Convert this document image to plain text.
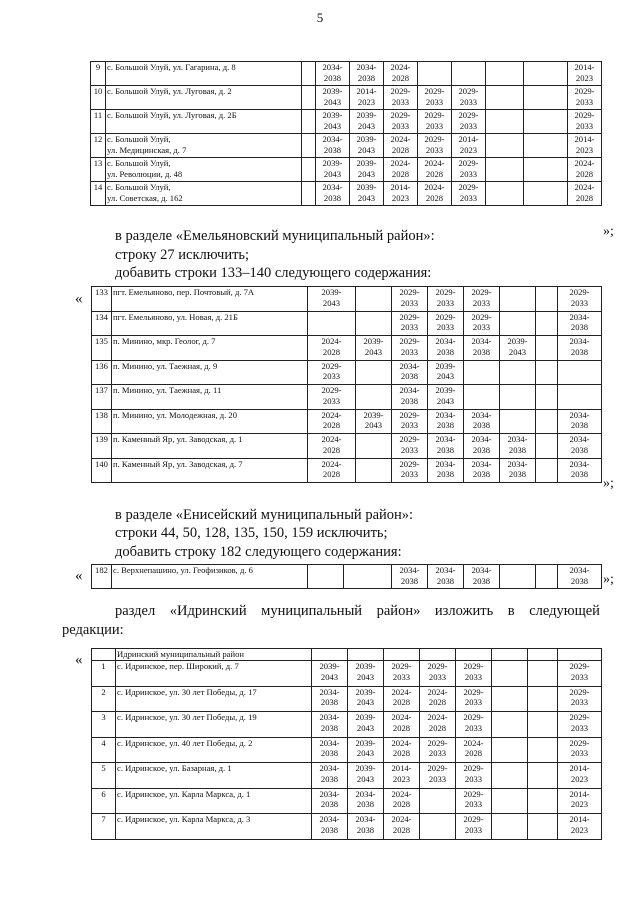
5
9	с. Большой Улуй, ул. Гагарина, д. 8		2034-
2038	2034-
2038	2024-
2028					2014-
2023
10	с. Большой Улуй, ул. Луговая, д. 2		2039-
2043	2014-
2023	2029-
2033	2029-
2033	2029-
2033			2029-
2033
11	с. Большой Улуй, ул. Луговая, д. 2Б		2039-
2043	2039-
2043	2029-
2033	2029-
2033	2029-
2033			2029-
2033
12	с. Большой Улуй,
ул. Медицинская, д. 7		2034-
2038	2039-
2043	2024-
2028	2029-
2033	2014-
2023			2014-
2023
13	с. Большой Улуй,
ул. Революции, д. 48		2039-
2043	2039-
2043	2024-
2028	2024-
2028	2029-
2033			2024-
2028
14	с. Большой Улуй,
ул. Советская, д. 162		2034-
2038	2039-
2043	2014-
2023	2024-
2028	2029-
2033			2024-
2028
»;
в разделе «Емельяновский муниципальный район»:
строку 27 исключить;
добавить строки 133–140 следующего содержания:
« 133	пгт. Емельяново, пер. Почтовый, д. 7А	2039-
2043		2029-
2033	2029-
2033	2029-
2033			2029-
2033
134	пгт. Емельяново, ул. Новая, д. 21Б			2029-
2033	2029-
2033	2029-
2033			2034-
2038
135	п. Минино, мкр. Геолог, д. 7	2024-
2028	2039-
2043	2029-
2033	2034-
2038	2034-
2038	2039-
2043		2034-
2038
136	п. Минино, ул. Таежная, д. 9	2029-
2033		2034-
2038	2039-
2043				
137	п. Минино, ул. Таежная, д. 11	2029-
2033		2034-
2038	2039-
2043				
138	п. Минино, ул. Молодежная, д. 20	2024-
2028	2039-
2043	2029-
2033	2034-
2038	2034-
2038			2034-
2038
139	п. Каменный Яр, ул. Заводская, д. 1	2024-
2028		2029-
2033	2034-
2038	2034-
2038	2034-
2038		2034-
2038
140	п. Каменный Яр, ул. Заводская, д. 7	2024-
2028		2029-
2033	2034-
2038	2034-
2038	2034-
2038		2034-
2038
»;
в разделе «Енисейский муниципальный район»:
строки 44, 50, 128, 135, 150, 159 исключить;
добавить строку 182 следующего содержания:
« 182	с. Верхнепашино, ул. Геофизиков, д. 6			2034-
2038	2034-
2038	2034-
2038			2034-
2038 »;
раздел «Идринский муниципальный район» изложить в следующей
редакции:
«
		Идринский муниципальный район								
1	с. Идринское, пер. Широкий, д. 7	2039-
2043	2039-
2043	2029-
2033	2029-
2033	2029-
2033			2029-
2033
2	с. Идринское, ул. 30 лет Победы, д. 17	2034-
2038	2039-
2043	2024-
2028	2024-
2028	2029-
2033			2029-
2033
3	с. Идринское, ул. 30 лет Победы, д. 19	2034-
2038	2039-
2043	2024-
2028	2024-
2028	2029-
2033			2029-
2033
4	с. Идринское, ул. 40 лет Победы, д. 2	2034-
2038	2039-
2043	2024-
2028	2029-
2033	2024-
2028			2029-
2033
5	с. Идринское, ул. Базарная, д. 1	2034-
2038	2039-
2043	2014-
2023	2029-
2033	2029-
2033			2014-
2023
6	с. Идринское, ул. Карла Маркса, д. 1	2034-
2038	2034-
2038	2024-
2028		2029-
2033			2014-
2023
7	с. Идринское, ул. Карла Маркса, д. 3	2034-
2038	2034-
2038	2024-
2028		2029-
2033			2014-
2023
